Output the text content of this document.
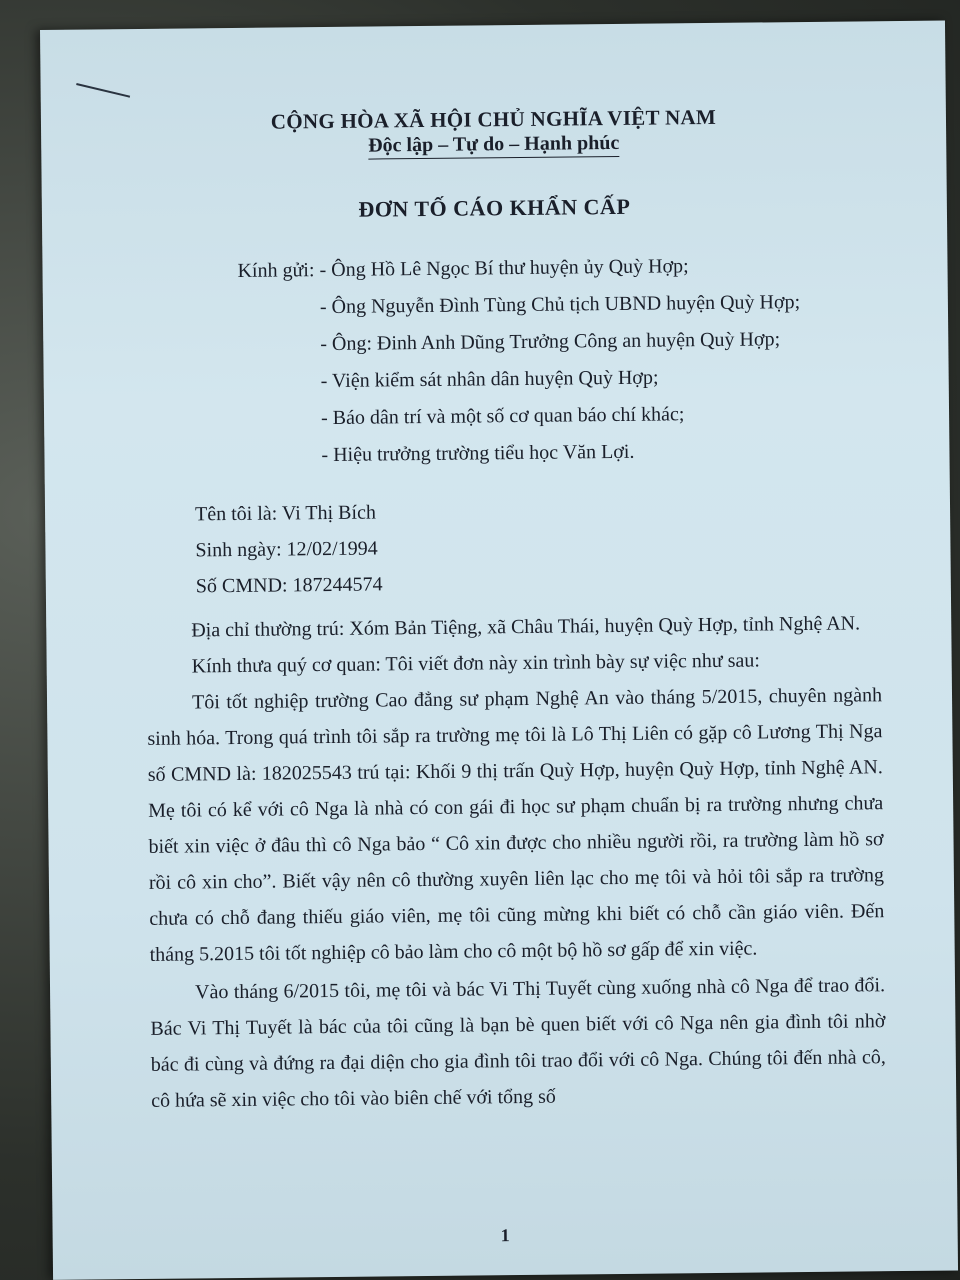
CỘNG HÒA XÃ HỘI CHỦ NGHĨA VIỆT NAM
Độc lập – Tự do – Hạnh phúc
ĐƠN TỐ CÁO KHẨN CẤP
Kính gửi: - Ông Hồ Lê Ngọc Bí thư huyện ủy Quỳ Hợp;
- Ông Nguyễn Đình Tùng Chủ tịch UBND huyện Quỳ Hợp;
- Ông: Đinh Anh Dũng Trưởng Công an huyện Quỳ Hợp;
- Viện kiểm sát nhân dân huyện Quỳ Hợp;
- Báo dân trí và một số cơ quan báo chí khác;
- Hiệu trưởng trường tiểu học Văn Lợi.
Tên tôi là: Vi Thị Bích
Sinh ngày: 12/02/1994
Số CMND: 187244574

Địa chỉ thường trú: Xóm Bản Tiệng, xã Châu Thái, huyện Quỳ Hợp, tỉnh Nghệ AN.

Kính thưa quý cơ quan: Tôi viết đơn này xin trình bày sự việc như sau:

Tôi tốt nghiệp trường Cao đẳng sư phạm Nghệ An vào tháng 5/2015, chuyên ngành sinh hóa. Trong quá trình tôi sắp ra trường mẹ tôi là Lô Thị Liên có gặp cô Lương Thị Nga số CMND là: 182025543 trú tại: Khối 9 thị trấn Quỳ Hợp, huyện Quỳ Hợp, tỉnh Nghệ AN. Mẹ tôi có kể với cô Nga là nhà có con gái đi học sư phạm chuẩn bị ra trường nhưng chưa biết xin việc ở đâu thì cô Nga bảo “ Cô xin được cho nhiều người rồi, ra trường làm hồ sơ rồi cô xin cho”. Biết vậy nên cô thường xuyên liên lạc cho mẹ tôi và hỏi tôi sắp ra trường chưa có chỗ đang thiếu giáo viên, mẹ tôi cũng mừng khi biết có chỗ cần giáo viên. Đến tháng 5.2015 tôi tốt nghiệp cô bảo làm cho cô một bộ hồ sơ gấp để xin việc.

Vào tháng 6/2015 tôi, mẹ tôi và bác Vi Thị Tuyết cùng xuống nhà cô Nga để trao đổi. Bác Vi Thị Tuyết là bác của tôi cũng là bạn bè quen biết với cô Nga nên gia đình tôi nhờ bác đi cùng và đứng ra đại diện cho gia đình tôi trao đổi với cô Nga. Chúng tôi đến nhà cô, cô hứa sẽ xin việc cho tôi vào biên chế với tổng số

1
